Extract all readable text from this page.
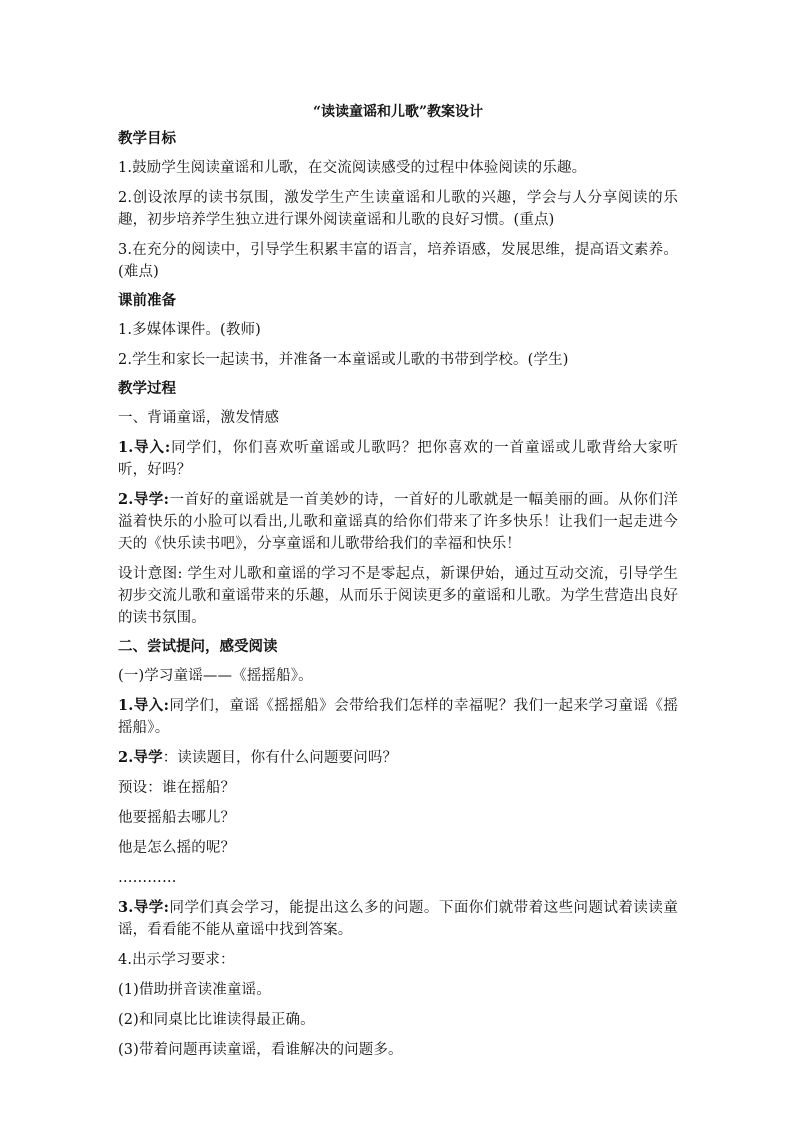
“读读童谣和儿歌”教案设计
教学目标
1.鼓励学生阅读童谣和儿歌，在交流阅读感受的过程中体验阅读的乐趣。
2.创设浓厚的读书氛围，激发学生产生读童谣和儿歌的兴趣，学会与人分享阅读的乐趣，初步培养学生独立进行课外阅读童谣和儿歌的良好习惯。(重点)
3.在充分的阅读中，引导学生积累丰富的语言，培养语感，发展思维，提高语文素养。(难点)
课前准备
1.多媒体课件。(教师)
2.学生和家长一起读书，并准备一本童谣或儿歌的书带到学校。(学生)
教学过程
一、背诵童谣，激发情感
1.导入:同学们，你们喜欢听童谣或儿歌吗？把你喜欢的一首童谣或儿歌背给大家听听，好吗？
2.导学:一首好的童谣就是一首美妙的诗，一首好的儿歌就是一幅美丽的画。从你们洋溢着快乐的小脸可以看出,儿歌和童谣真的给你们带来了许多快乐！让我们一起走进今天的《快乐读书吧》，分享童谣和儿歌带给我们的幸福和快乐！
设计意图: 学生对儿歌和童谣的学习不是零起点，新课伊始，通过互动交流，引导学生初步交流儿歌和童谣带来的乐趣，从而乐于阅读更多的童谣和儿歌。为学生营造出良好的读书氛围。
二、尝试提问，感受阅读
(一)学习童谣——《摇摇船》。
1.导入:同学们，童谣《摇摇船》会带给我们怎样的幸福呢？我们一起来学习童谣《摇摇船》。
2.导学：读读题目，你有什么问题要问吗？
预设：谁在摇船？
他要摇船去哪儿？
他是怎么摇的呢？
…………
3.导学:同学们真会学习，能提出这么多的问题。下面你们就带着这些问题试着读读童谣，看看能不能从童谣中找到答案。
4.出示学习要求：
(1)借助拼音读准童谣。
(2)和同桌比比谁读得最正确。
(3)带着问题再读童谣，看谁解决的问题多。
